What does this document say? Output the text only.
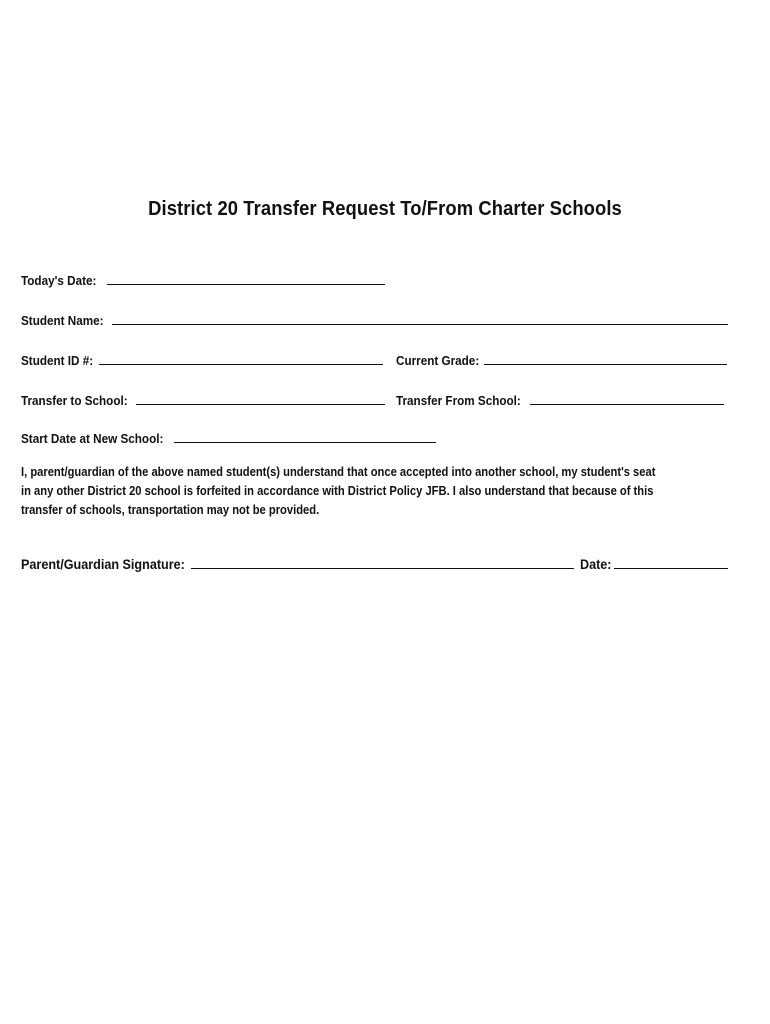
District 20 Transfer Request To/From Charter Schools
Today's Date:
Student Name:
Student ID #:	Current Grade:
Transfer to School:	Transfer From School:
Start Date at New School:
I, parent/guardian of the above named student(s) understand that once accepted into another school, my student's seat
in any other District 20 school is forfeited in accordance with District Policy JFB. I also understand that because of this
transfer of schools, transportation may not be provided.
Parent/Guardian Signature:	Date:
